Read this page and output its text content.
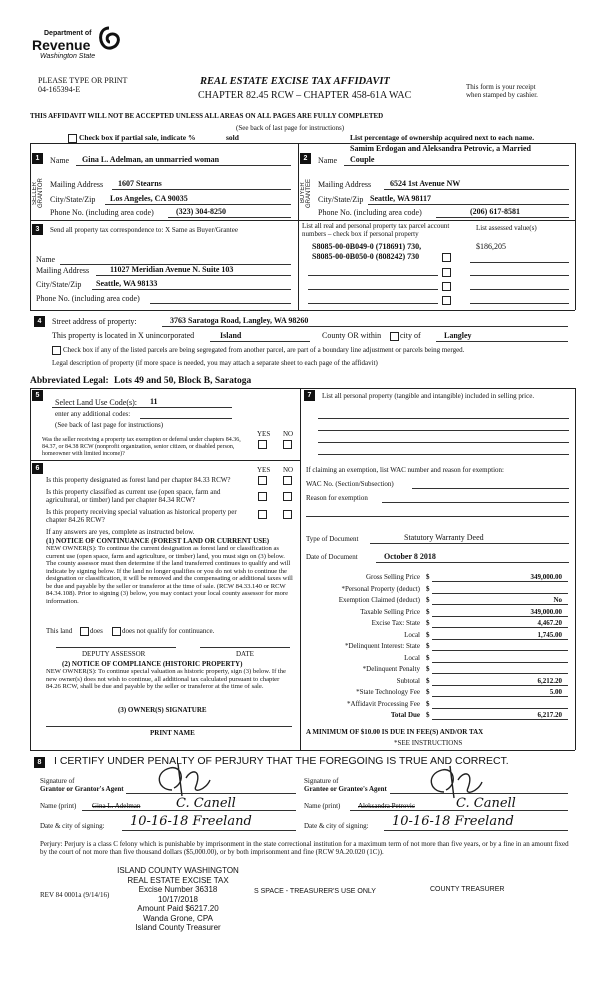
Department of
Revenue
Washington State
PLEASE TYPE OR PRINT
04-165394-E
REAL ESTATE EXCISE TAX AFFIDAVIT
CHAPTER 82.45 RCW – CHAPTER 458-61A WAC
This form is your receipt
when stamped by cashier.
THIS AFFIDAVIT WILL NOT BE ACCEPTED UNLESS ALL AREAS ON ALL PAGES ARE FULLY COMPLETED
(See back of last page for instructions)
Check box if partial sale, indicate %	sold	List percentage of ownership acquired next to each name.
1
SELLER GRANTOR
Name Gina L. Adelman, an unmarried woman
Mailing Address 1607 Stearns
City/State/Zip Los Angeles, CA 90035
Phone No. (including area code)	(323) 304-8250
Samim Erdogan and Aleksandra Petrovic, a Married
2
BUYER GRANTEE
Name Couple
Mailing Address 6524 1st Avenue NW
City/State/Zip Seattle, WA 98117
Phone No. (including area code)	(206) 617-8581
3	Send all property tax correspondence to: X Same as Buyer/Grantee
Name
Mailing Address	11027 Meridian Avenue N. Suite 103
City/State/Zip Seattle, WA 98133
Phone No. (including area code)
List all real and personal property tax parcel account numbers – check box if personal property
List assessed value(s)
S8085-00-0B049-0 (718691) 730,
S8085-00-0B050-0 (808242) 730
$186,205
4	Street address of property:	3763 Saratoga Road, Langley, WA 98260
This property is located in X unincorporated	Island	County OR within city of	Langley
Check box if any of the listed parcels are being segregated from another parcel, are part of a boundary line adjustment or parcels being merged.
Legal description of property (if more space is needed, you may attach a separate sheet to each page of the affidavit)
Abbreviated Legal: Lots 49 and 50, Block B, Saratoga
5
Select Land Use Code(s): 11
enter any additional codes:
(See back of last page for instructions)
YES NO
Was the seller receiving a property tax exemption or deferral under chapters 84.36, 84.37, or 84.38 RCW (nonprofit organization, senior citizen, or disabled person, homeowner with limited income)?
6	YES NO
Is this property designated as forest land per chapter 84.33 RCW?
Is this property classified as current use (open space, farm and agricultural, or timber) land per chapter 84.34 RCW?
Is this property receiving special valuation as historical property per chapter 84.26 RCW?
If any answers are yes, complete as instructed below.
(1) NOTICE OF CONTINUANCE (FOREST LAND OR CURRENT USE)
NEW OWNER(S): To continue the current designation as forest land or classification as current use (open space, farm and agriculture, or timber) land, you must sign on (3) below. The county assessor must then determine if the land transferred continues to qualify and will indicate by signing below. If the land no longer qualifies or you do not wish to continue the designation or classification, it will be removed and the compensating or additional taxes will be due and payable by the seller or transferor at the time of sale. (RCW 84.33.140 or RCW 84.34.108). Prior to signing (3) below, you may contact your local county assessor for more information.
This land	does	does not qualify for continuance.
DEPUTY ASSESSOR	DATE
(2) NOTICE OF COMPLIANCE (HISTORIC PROPERTY)
NEW OWNER(S): To continue special valuation as historic property, sign (3) below. If the new owner(s) does not wish to continue, all additional tax calculated pursuant to chapter 84.26 RCW, shall be due and payable by the seller or transferor at the time of sale.
(3) OWNER(S) SIGNATURE
PRINT NAME
7	List all personal property (tangible and intangible) included in selling price.
If claiming an exemption, list WAC number and reason for exemption:
WAC No. (Section/Subsection)
Reason for exemption
Type of Document	Statutory Warranty Deed
Date of Document	October 8 2018
Gross Selling Price $	349,000.00
*Personal Property (deduct) $
Exemption Claimed (deduct) $	No
Taxable Selling Price $	349,000.00
Excise Tax: State $	4,467.20
Local $	1,745.00
*Delinquent Interest: State $
Local $
*Delinquent Penalty $
Subtotal $	6,212.20
*State Technology Fee $	5.00
*Affidavit Processing Fee $
Total Due $	6,217.20
A MINIMUM OF $10.00 IS DUE IN FEE(S) AND/OR TAX
*SEE INSTRUCTIONS
8	I CERTIFY UNDER PENALTY OF PERJURY THAT THE FOREGOING IS TRUE AND CORRECT.
Signature of
Grantor or Grantor's Agent
Name (print) Gina L. Adelman	C. Canell
Date & city of signing: 10-16-18 Freeland
Signature of
Grantee or Grantee's Agent
Name (print)	Aleksandra Petrovic	C. Canell
Date & city of signing: 10-16-18 Freeland
Perjury: Perjury is a class C felony which is punishable by imprisonment in the state correctional institution for a maximum term of not more than five years, or by a fine in an amount fixed by the court of not more than five thousand dollars ($5,000.00), or by both imprisonment and fine (RCW 9A.20.020 (1C)).
ISLAND COUNTY WASHINGTON
REAL ESTATE EXCISE TAX
Excise Number 36318
10/17/2018
Amount Paid $6217.20
Wanda Grone, CPA
Island County Treasurer
REV 84 0001a (9/14/16)	S SPACE - TREASURER'S USE ONLY	COUNTY TREASURER
